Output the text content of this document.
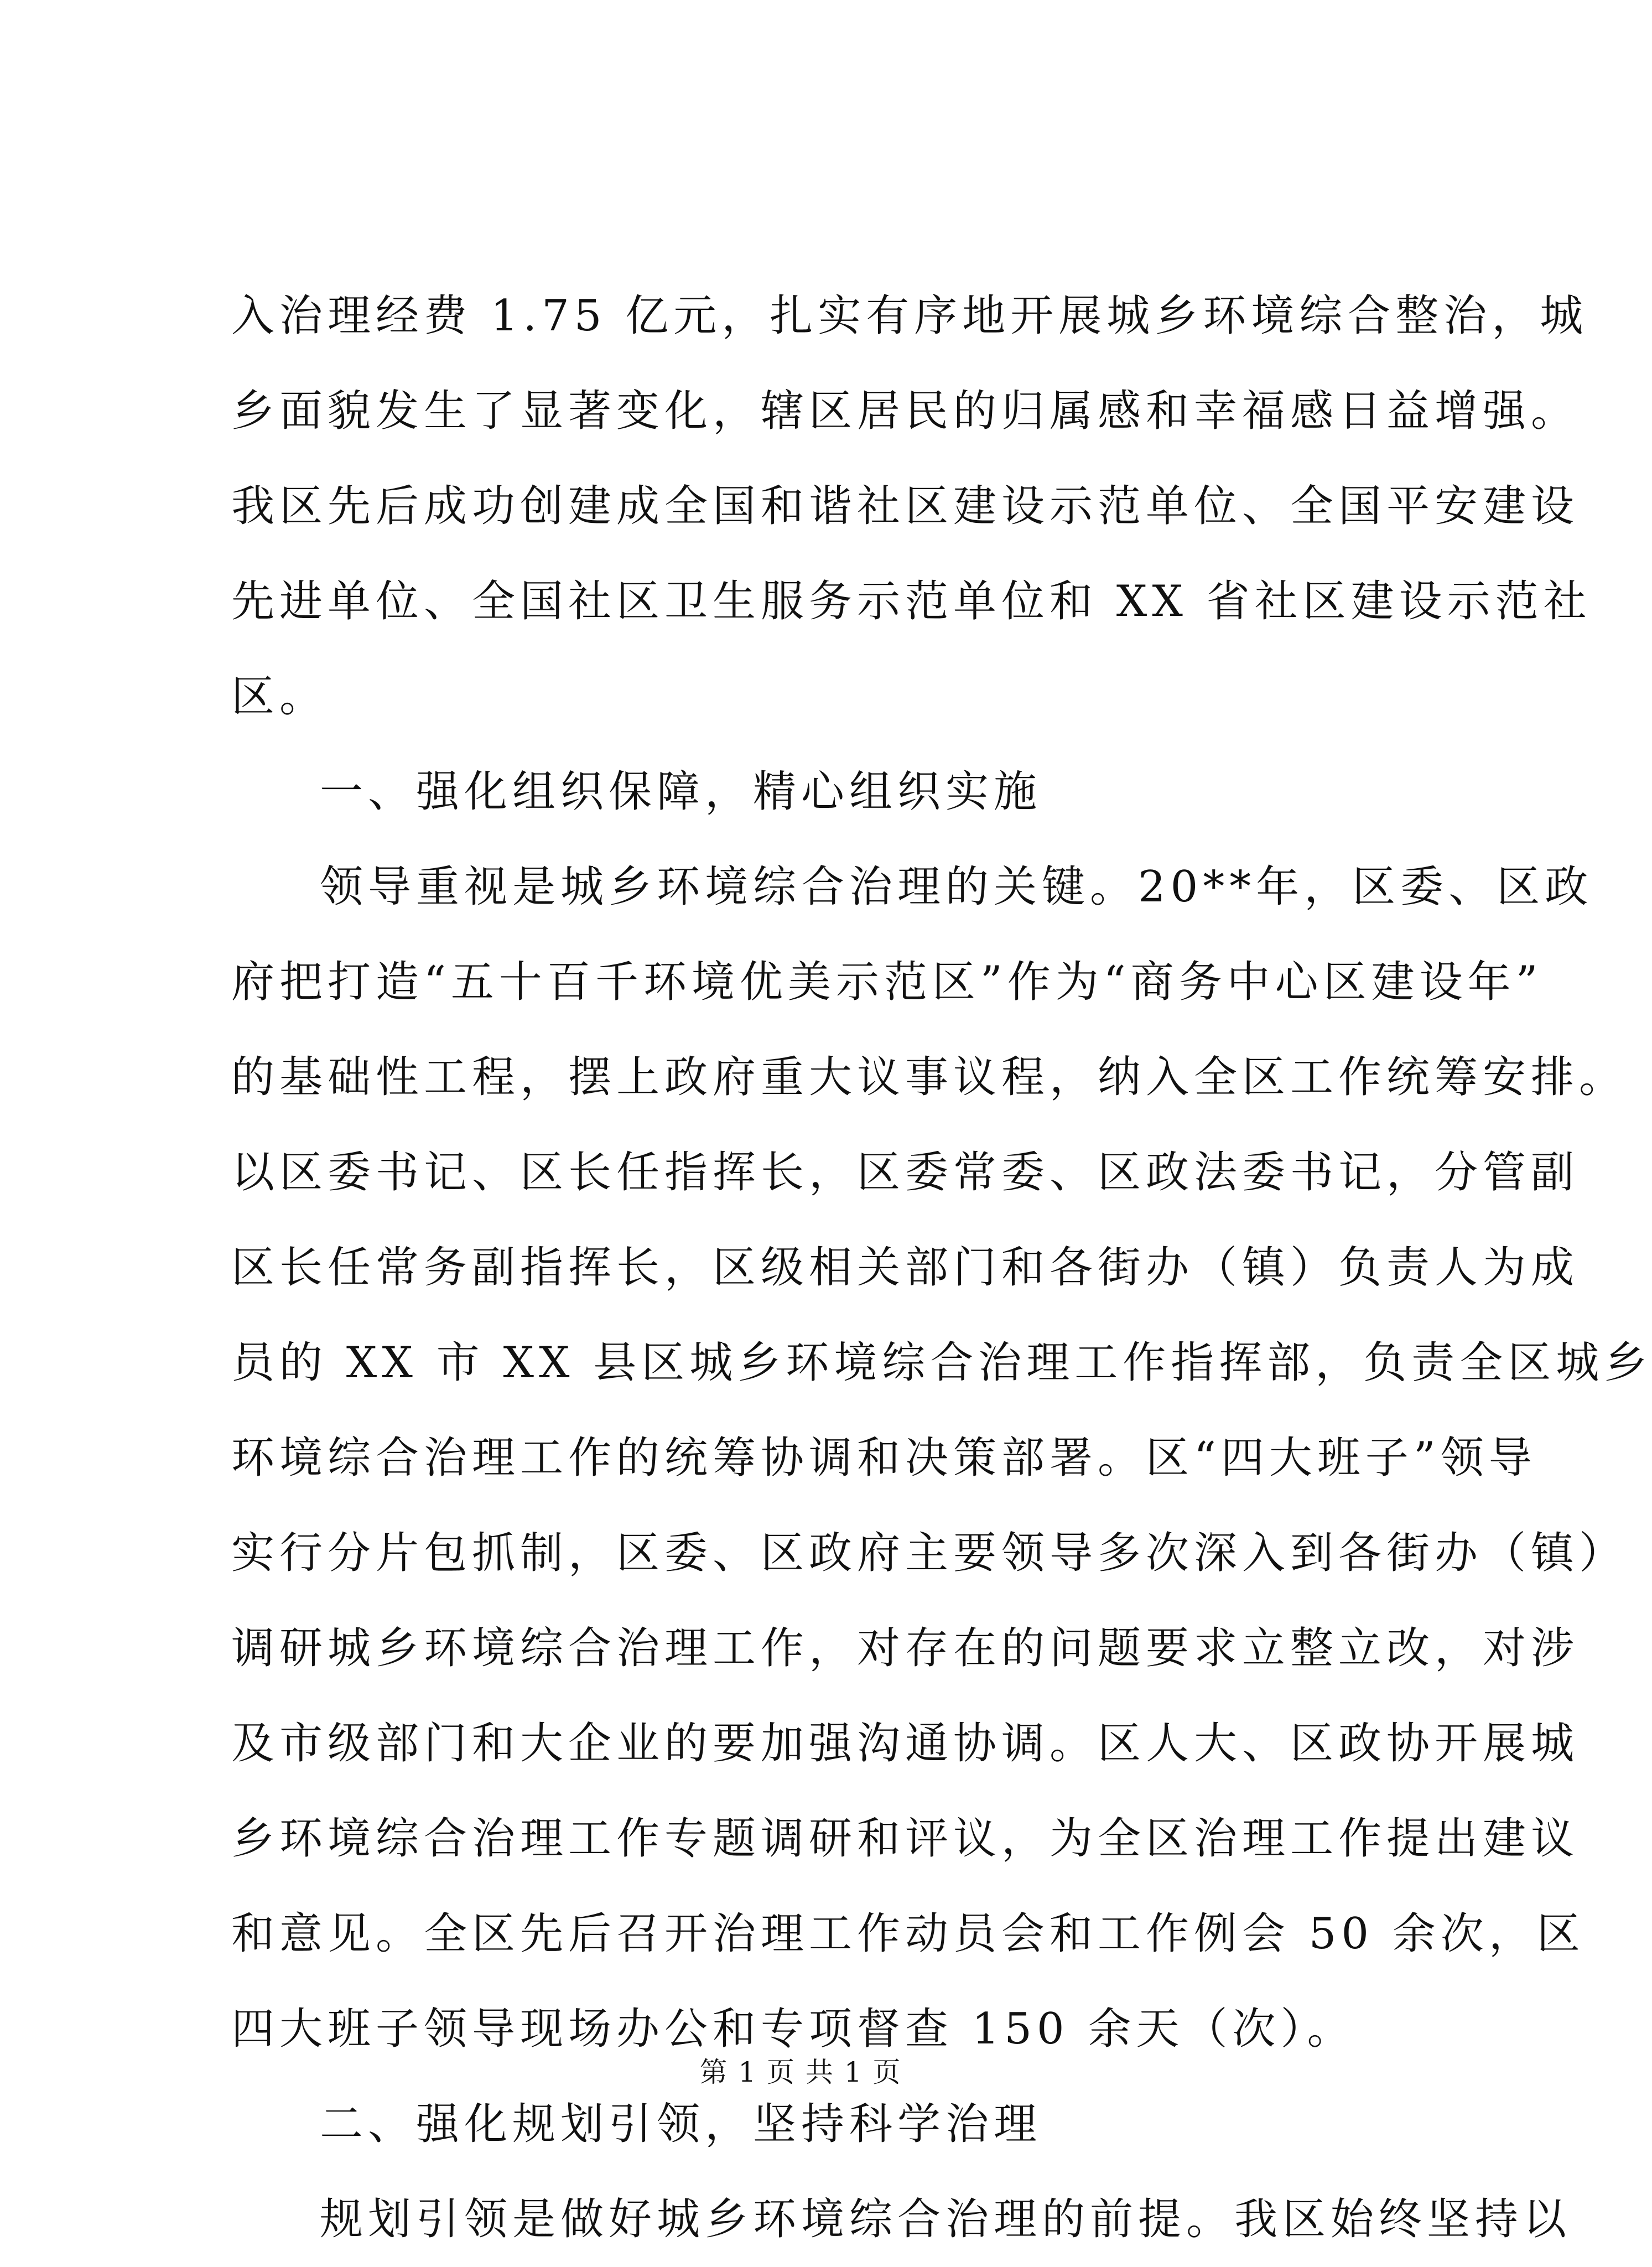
入治理经费 1.75 亿元，扎实有序地开展城乡环境综合整治，城
乡面貌发生了显著变化，辖区居民的归属感和幸福感日益增强。
我区先后成功创建成全国和谐社区建设示范单位、全国平安建设
先进单位、全国社区卫生服务示范单位和 XX 省社区建设示范社
区。
一、强化组织保障，精心组织实施
领导重视是城乡环境综合治理的关键。20**年，区委、区政
府把打造“五十百千环境优美示范区”作为“商务中心区建设年”
的基础性工程，摆上政府重大议事议程，纳入全区工作统筹安排。
以区委书记、区长任指挥长，区委常委、区政法委书记，分管副
区长任常务副指挥长，区级相关部门和各街办（镇）负责人为成
员的 XX 市 XX 县区城乡环境综合治理工作指挥部，负责全区城乡
环境综合治理工作的统筹协调和决策部署。区“四大班子”领导
实行分片包抓制，区委、区政府主要领导多次深入到各街办（镇）
调研城乡环境综合治理工作，对存在的问题要求立整立改，对涉
及市级部门和大企业的要加强沟通协调。区人大、区政协开展城
乡环境综合治理工作专题调研和评议，为全区治理工作提出建议
和意见。全区先后召开治理工作动员会和工作例会 50 余次，区
四大班子领导现场办公和专项督查 150 余天（次）。
二、强化规划引领，坚持科学治理
规划引领是做好城乡环境综合治理的前提。我区始终坚持以
第 1 页 共 1 页
